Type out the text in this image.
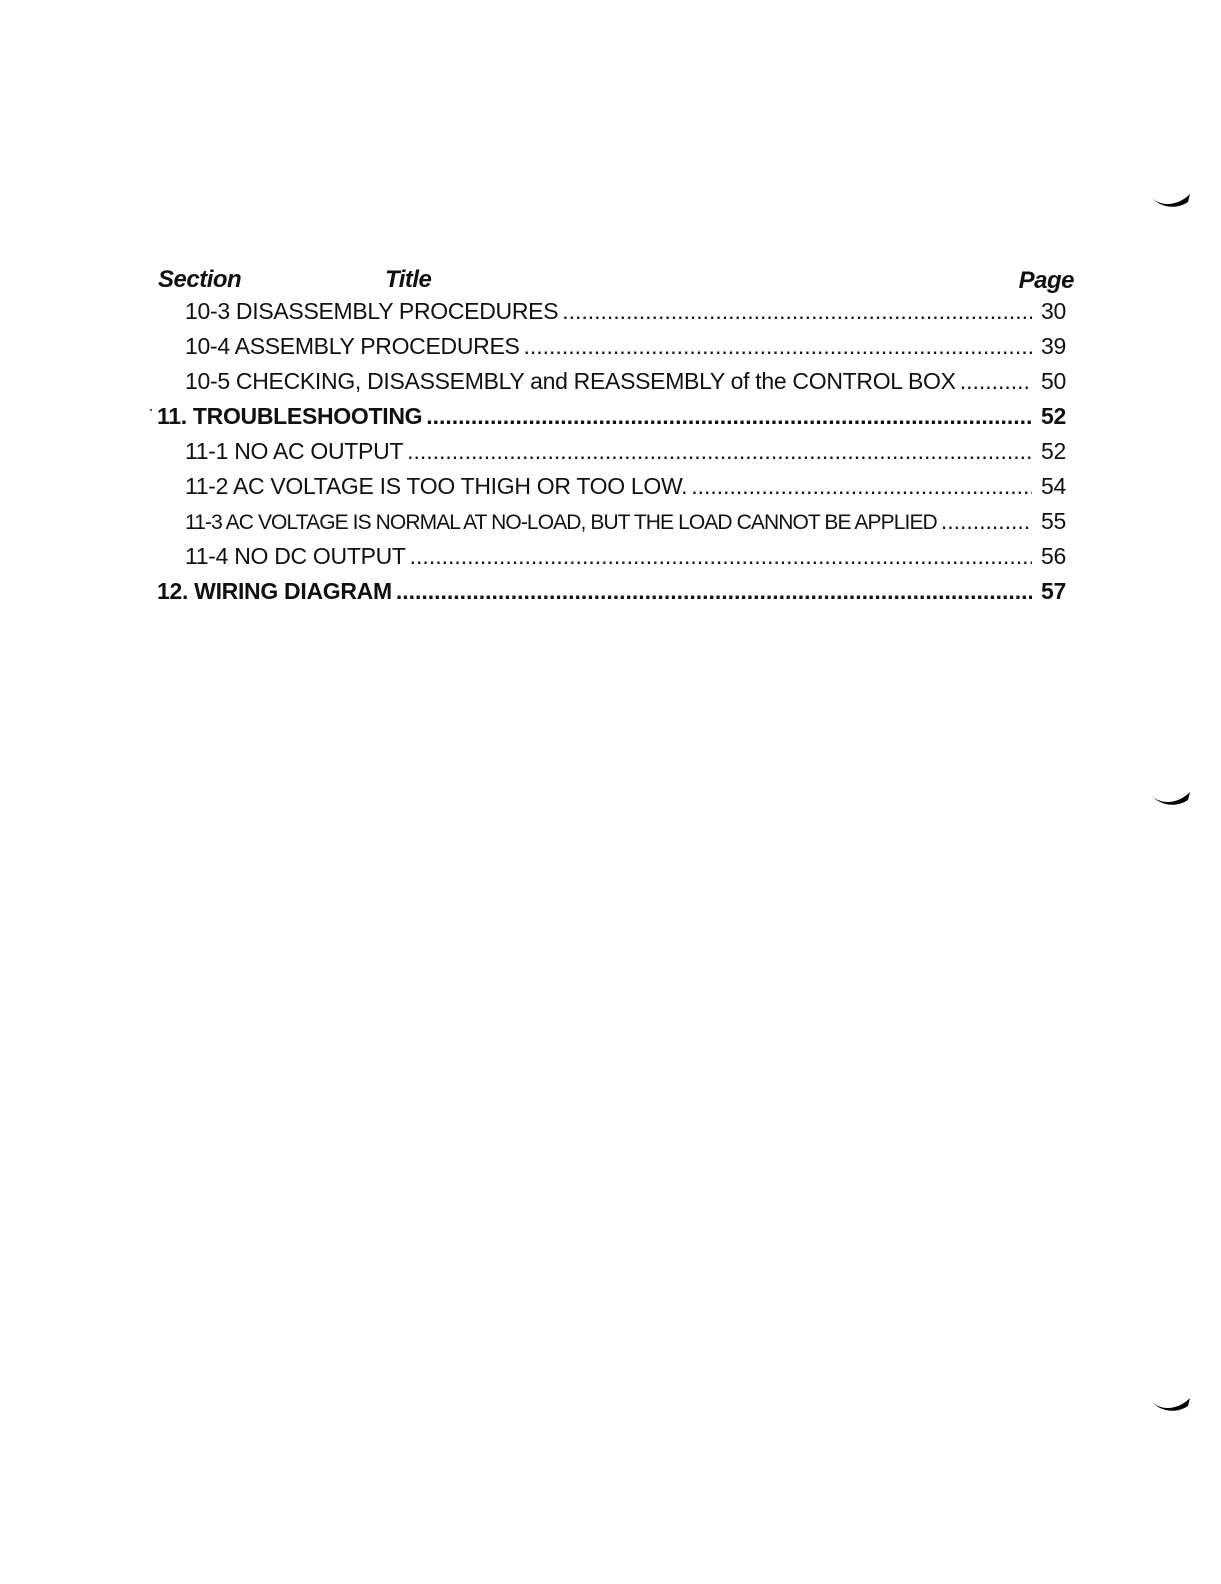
Section	Title	Page
10-3 DISASSEMBLY PROCEDURES . . .	30
10-4 ASSEMBLY PROCEDURES . . .	39
10-5 CHECKING, DISASSEMBLY and REASSEMBLY of the CONTROL BOX . . .	50
11. TROUBLESHOOTING . . .	52
11-1 NO AC OUTPUT . . .	52
11-2 AC VOLTAGE IS TOO THIGH OR TOO LOW. . . .	54
11-3 AC VOLTAGE IS NORMAL AT NO-LOAD, BUT THE LOAD CANNOT BE APPLIED . . .	55
11-4 NO DC OUTPUT . . .	56
12. WIRING DIAGRAM . . .	57
